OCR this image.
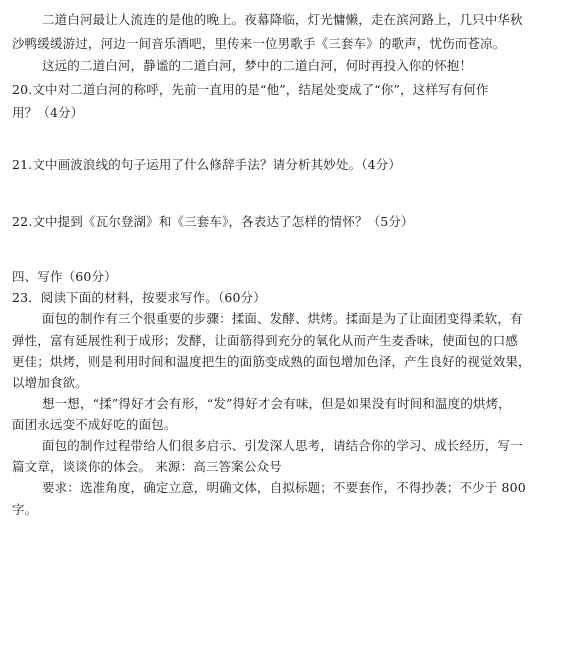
二道白河最让人流连的是他的晚上。夜幕降临，灯光慵懒，走在滨河路上，几只中华秋
沙鸭缓缓游过，河边一间音乐酒吧，里传来一位男歌手《三套车》的歌声，忧伤而苍凉。
这远的二道白河，静谧的二道白河，梦中的二道白河，何时再投入你的怀抱！
20.文中对二道白河的称呼，先前一直用的是“他”，结尾处变成了“你”，这样写有何作
用？（4分）
21.文中画波浪线的句子运用了什么修辞手法？请分析其妙处。（4分）
22.文中提到《瓦尔登湖》和《三套车》，各表达了怎样的情怀？（5分）
四、写作（60分）
23．阅读下面的材料，按要求写作。（60分）
面包的制作有三个很重要的步骤：揉面、发酵、烘烤。揉面是为了让面团变得柔软，有
弹性，富有延展性利于成形；发酵，让面筋得到充分的氧化从而产生麦香味，使面包的口感
更佳；烘烤，则是利用时间和温度把生的面筋变成熟的面包增加色泽，产生良好的视觉效果，
以增加食欲。
想一想，“揉”得好才会有形，“发”得好才会有味，但是如果没有时间和温度的烘烤，
面团永远变不成好吃的面包。
面包的制作过程带给人们很多启示、引发深人思考，请结合你的学习、成长经历，写一
篇文章，谈谈你的体会。 来源：高三答案公众号
要求：选准角度，确定立意，明确文体，自拟标题；不要套作，不得抄袭；不少于 800
字。
